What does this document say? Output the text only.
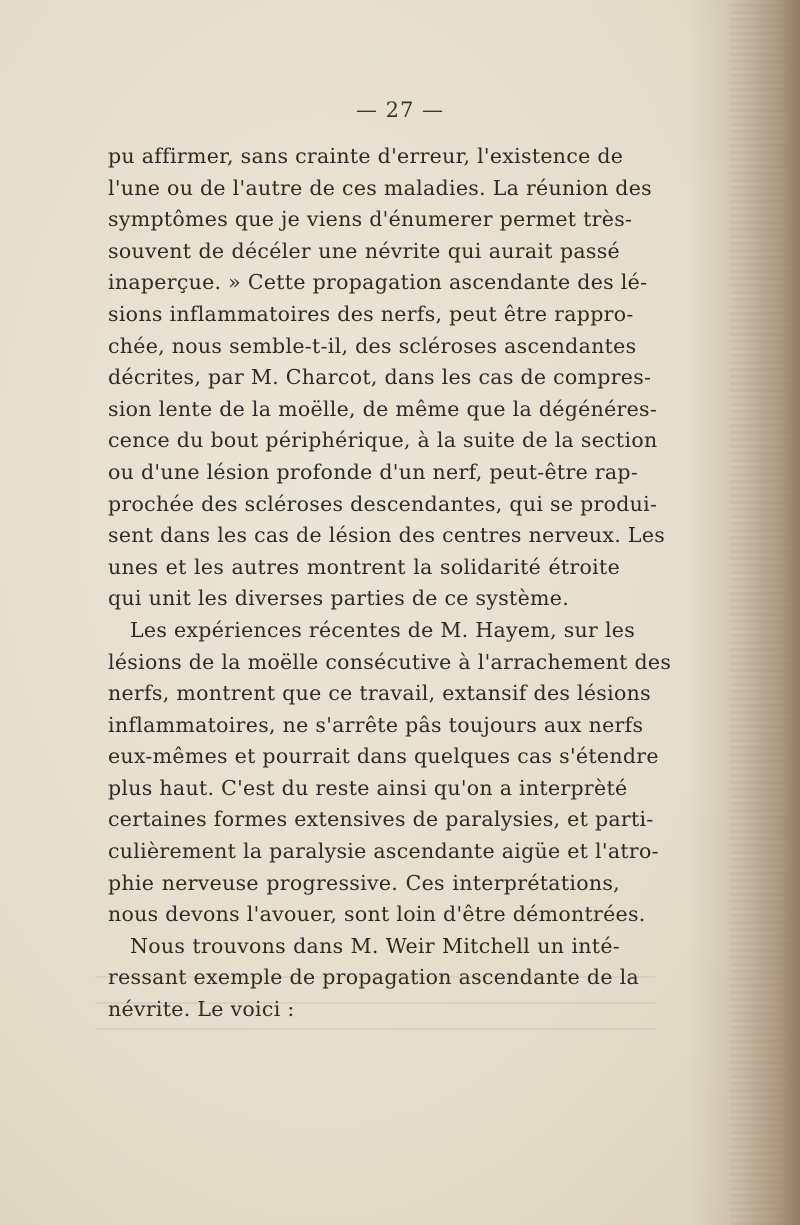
— 27 —
pu affirmer, sans crainte d'erreur, l'existence de
l'une ou de l'autre de ces maladies. La réunion des
symptômes que je viens d'énumerer permet très-
souvent de décéler une névrite qui aurait passé
inaperçue. » Cette propagation ascendante des lé-
sions inflammatoires des nerfs, peut être rappro-
chée, nous semble-t-il, des scléroses ascendantes
décrites, par M. Charcot, dans les cas de compres-
sion lente de la moëlle, de même que la dégénéres-
cence du bout périphérique, à la suite de la section
ou d'une lésion profonde d'un nerf, peut-être rap-
prochée des scléroses descendantes, qui se produi-
sent dans les cas de lésion des centres nerveux. Les
unes et les autres montrent la solidarité étroite
qui unit les diverses parties de ce système.
Les expériences récentes de M. Hayem, sur les
lésions de la moëlle consécutive à l'arrachement des
nerfs, montrent que ce travail, extansif des lésions
inflammatoires, ne s'arrête pâs toujours aux nerfs
eux-mêmes et pourrait dans quelques cas s'étendre
plus haut. C'est du reste ainsi qu'on a interprèté
certaines formes extensives de paralysies, et parti-
culièrement la paralysie ascendante aigüe et l'atro-
phie nerveuse progressive. Ces interprétations,
nous devons l'avouer, sont loin d'être démontrées.
Nous trouvons dans M. Weir Mitchell un inté-
ressant exemple de propagation ascendante de la
névrite. Le voici :
